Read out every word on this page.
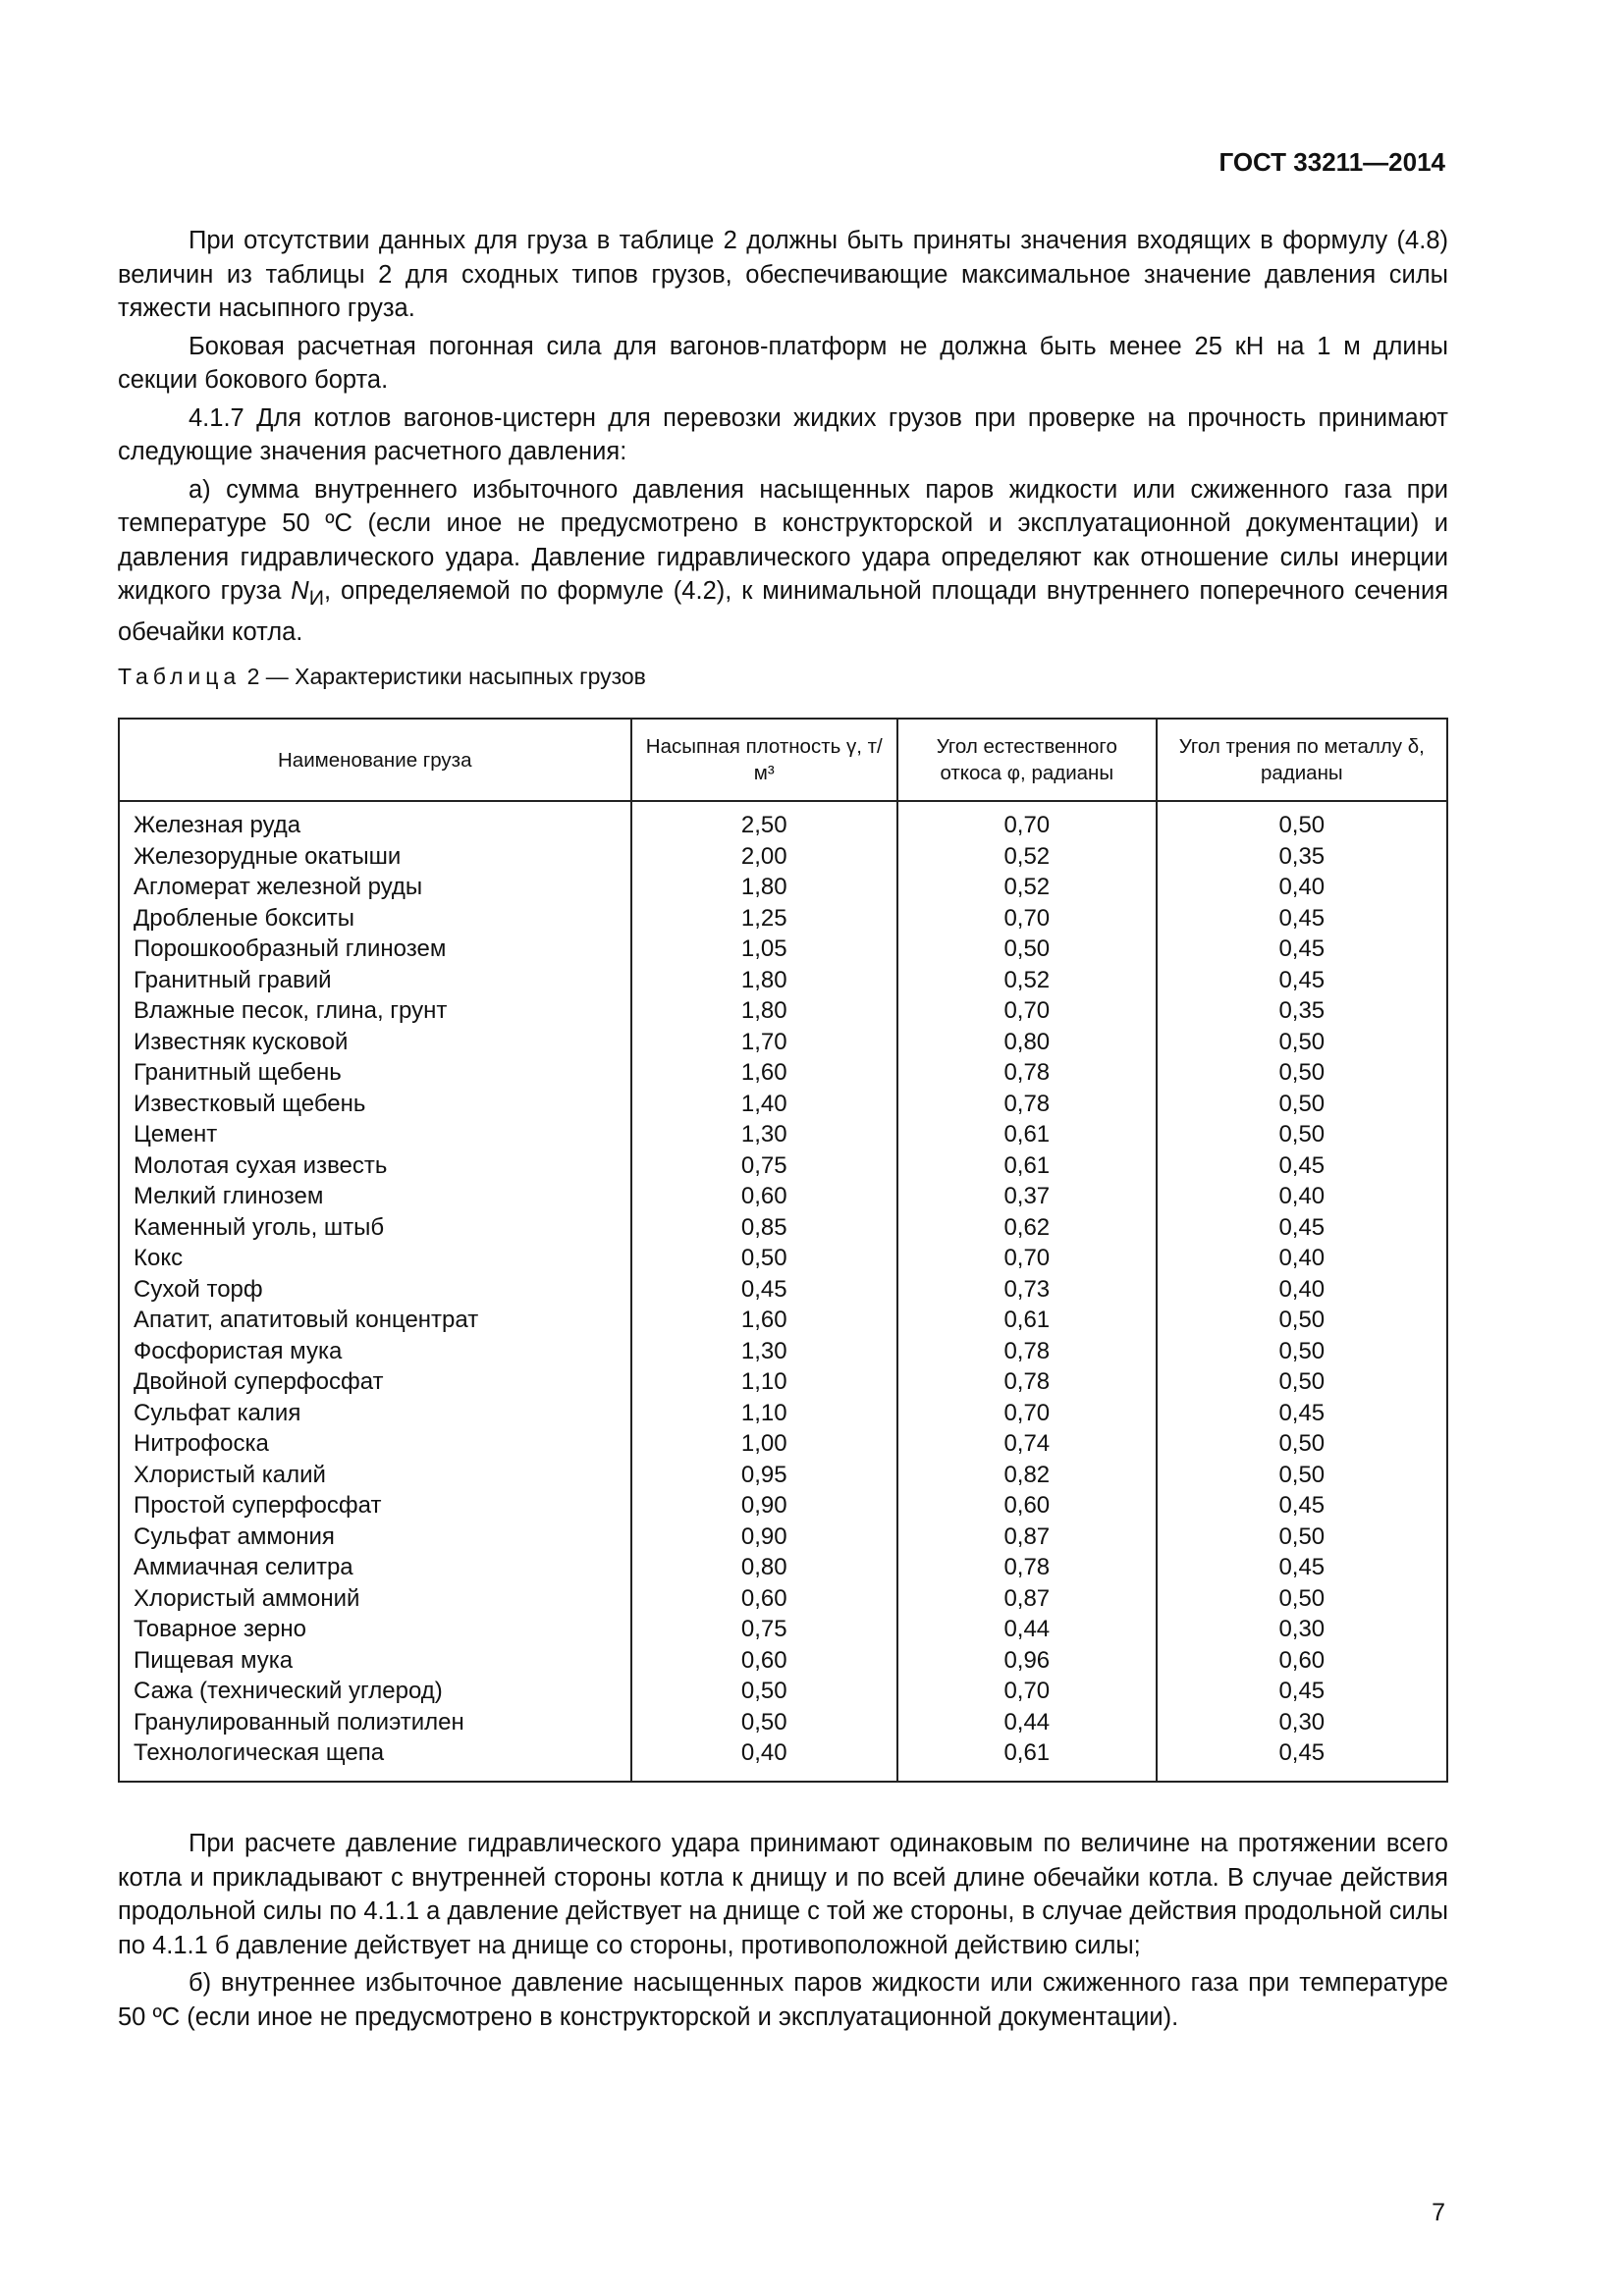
ГОСТ 33211—2014

При отсутствии данных для груза в таблице 2 должны быть приняты значения входящих в формулу (4.8) величин из таблицы 2 для сходных типов грузов, обеспечивающие максимальное значение давления силы тяжести насыпного груза.

Боковая расчетная погонная сила для вагонов-платформ не должна быть менее 25 кН на 1 м длины секции бокового борта.

4.1.7 Для котлов вагонов-цистерн для перевозки жидких грузов при проверке на прочность принимают следующие значения расчетного давления:

а) сумма внутреннего избыточного давления насыщенных паров жидкости или сжиженного газа при температуре 50 ºС (если иное не предусмотрено в конструкторской и эксплуатационной документации) и давления гидравлического удара. Давление гидравлического удара определяют как отношение силы инерции жидкого груза $N_И$, определяемой по формуле (4.2), к минимальной площади внутреннего поперечного сечения обечайки котла.

Таблица 2 — Характеристики насыпных грузов
Наименование груза	Насыпная плотность γ, т/м³	Угол естественного откоса φ, радианы	Угол трения по металлу δ, радианы

Железная руда	2,50	0,70	0,50
Железорудные окатыши	2,00	0,52	0,35
Агломерат железной руды	1,80	0,52	0,40
Дробленые бокситы	1,25	0,70	0,45
Порошкообразный глинозем	1,05	0,50	0,45
Гранитный гравий	1,80	0,52	0,45
Влажные песок, глина, грунт	1,80	0,70	0,35
Известняк кусковой	1,70	0,80	0,50
Гранитный щебень	1,60	0,78	0,50
Известковый щебень	1,40	0,78	0,50
Цемент	1,30	0,61	0,50
Молотая сухая известь	0,75	0,61	0,45
Мелкий глинозем	0,60	0,37	0,40
Каменный уголь, штыб	0,85	0,62	0,45
Кокс	0,50	0,70	0,40
Сухой торф	0,45	0,73	0,40
Апатит, апатитовый концентрат	1,60	0,61	0,50
Фосфористая мука	1,30	0,78	0,50
Двойной суперфосфат	1,10	0,78	0,50
Сульфат калия	1,10	0,70	0,45
Нитрофоска	1,00	0,74	0,50
Хлористый калий	0,95	0,82	0,50
Простой суперфосфат	0,90	0,60	0,45
Сульфат аммония	0,90	0,87	0,50
Аммиачная селитра	0,80	0,78	0,45
Хлористый аммоний	0,60	0,87	0,50
Товарное зерно	0,75	0,44	0,30
Пищевая мука	0,60	0,96	0,60
Сажа (технический углерод)	0,50	0,70	0,45
Гранулированный полиэтилен	0,50	0,44	0,30
Технологическая щепа	0,40	0,61	0,45

При расчете давление гидравлического удара принимают одинаковым по величине на протяжении всего котла и прикладывают с внутренней стороны котла к днищу и по всей длине обечайки котла. В случае действия продольной силы по 4.1.1 а давление действует на днище с той же стороны, в случае действия продольной силы по 4.1.1 б давление действует на днище со стороны, противоположной действию силы;

б) внутреннее избыточное давление насыщенных паров жидкости или сжиженного газа при температуре 50 ºС (если иное не предусмотрено в конструкторской и эксплуатационной документации).

7
